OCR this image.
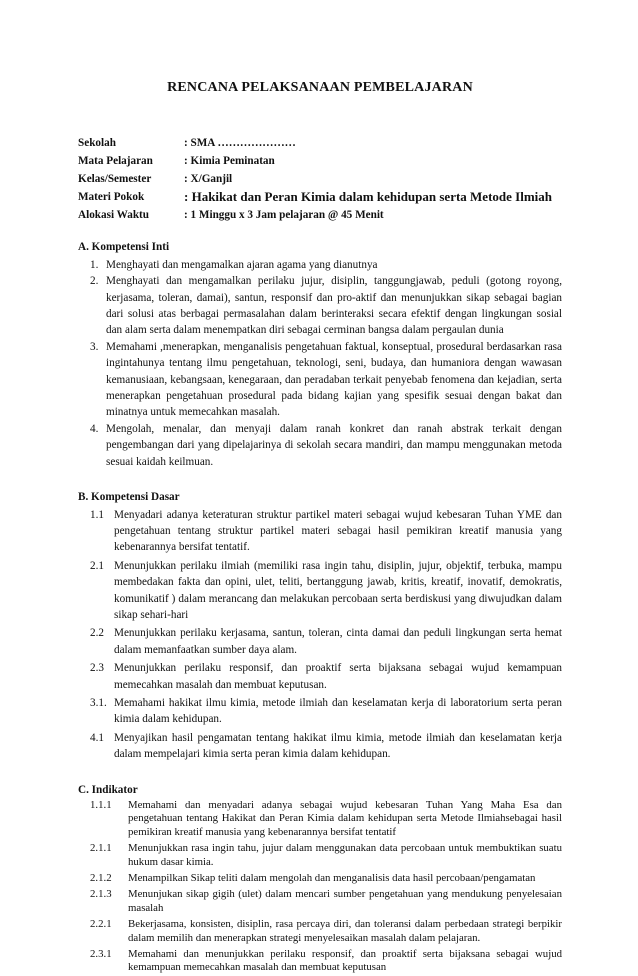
RENCANA PELAKSANAAN PEMBELAJARAN
Sekolah	: SMA …………………
Mata Pelajaran	: Kimia Peminatan
Kelas/Semester	: X/Ganjil
Materi Pokok	: Hakikat dan Peran Kimia dalam kehidupan serta Metode Ilmiah
Alokasi Waktu	: 1 Minggu x 3 Jam pelajaran @ 45 Menit
A. Kompetensi Inti
1. Menghayati dan mengamalkan ajaran agama yang dianutnya
2. Menghayati dan mengamalkan perilaku jujur, disiplin, tanggungjawab, peduli (gotong royong, kerjasama, toleran, damai), santun, responsif dan pro-aktif dan menunjukkan sikap sebagai bagian dari solusi atas berbagai permasalahan dalam berinteraksi secara efektif dengan lingkungan sosial dan alam serta dalam menempatkan diri sebagai cerminan bangsa dalam pergaulan dunia
3. Memahami ,menerapkan, menganalisis pengetahuan faktual, konseptual, prosedural berdasarkan rasa ingintahunya tentang ilmu pengetahuan, teknologi, seni, budaya, dan humaniora dengan wawasan kemanusiaan, kebangsaan, kenegaraan, dan peradaban terkait penyebab fenomena dan kejadian, serta menerapkan pengetahuan prosedural pada bidang kajian yang spesifik sesuai dengan bakat dan minatnya untuk memecahkan masalah.
4. Mengolah, menalar, dan menyaji dalam ranah konkret dan ranah abstrak terkait dengan pengembangan dari yang dipelajarinya di sekolah secara mandiri, dan mampu menggunakan metoda sesuai kaidah keilmuan.
B. Kompetensi Dasar
1.1 Menyadari adanya keteraturan struktur partikel materi sebagai wujud kebesaran Tuhan YME dan pengetahuan tentang struktur partikel materi sebagai hasil pemikiran kreatif manusia yang kebenarannya bersifat tentatif.
2.1 Menunjukkan perilaku ilmiah (memiliki rasa ingin tahu, disiplin, jujur, objektif, terbuka, mampu membedakan fakta dan opini, ulet, teliti, bertanggung jawab, kritis, kreatif, inovatif, demokratis, komunikatif ) dalam merancang dan melakukan percobaan serta berdiskusi yang diwujudkan dalam sikap sehari-hari
2.2 Menunjukkan perilaku kerjasama, santun, toleran, cinta damai dan peduli lingkungan serta hemat dalam memanfaatkan sumber daya alam.
2.3 Menunjukkan perilaku responsif, dan proaktif serta bijaksana sebagai wujud kemampuan memecahkan masalah dan membuat keputusan.
3.1. Memahami hakikat ilmu kimia, metode ilmiah dan keselamatan kerja di laboratorium serta peran kimia dalam kehidupan.
4.1 Menyajikan hasil pengamatan tentang hakikat ilmu kimia, metode ilmiah dan keselamatan kerja dalam mempelajari kimia serta peran kimia dalam kehidupan.
C. Indikator
1.1.1	Memahami dan menyadari adanya sebagai wujud kebesaran Tuhan Yang Maha Esa dan pengetahuan tentang Hakikat dan Peran Kimia dalam kehidupan serta Metode Ilmiahsebagai hasil pemikiran kreatif manusia yang kebenarannya bersifat tentatif
2.1.1	Menunjukkan rasa ingin tahu, jujur dalam menggunakan data percobaan untuk membuktikan suatu hukum dasar kimia.
2.1.2	Menampilkan Sikap teliti dalam mengolah dan menganalisis data hasil percobaan/pengamatan
2.1.3	Menunjukan sikap gigih (ulet) dalam mencari sumber pengetahuan yang mendukung penyelesaian masalah
2.2.1	Bekerjasama, konsisten, disiplin, rasa percaya diri, dan toleransi dalam perbedaan strategi berpikir dalam memilih dan menerapkan strategi menyelesaikan masalah dalam pelajaran.
2.3.1	Memahami dan menunjukkan perilaku responsif, dan proaktif serta bijaksana sebagai wujud kemampuan memecahkan masalah dan membuat keputusan
